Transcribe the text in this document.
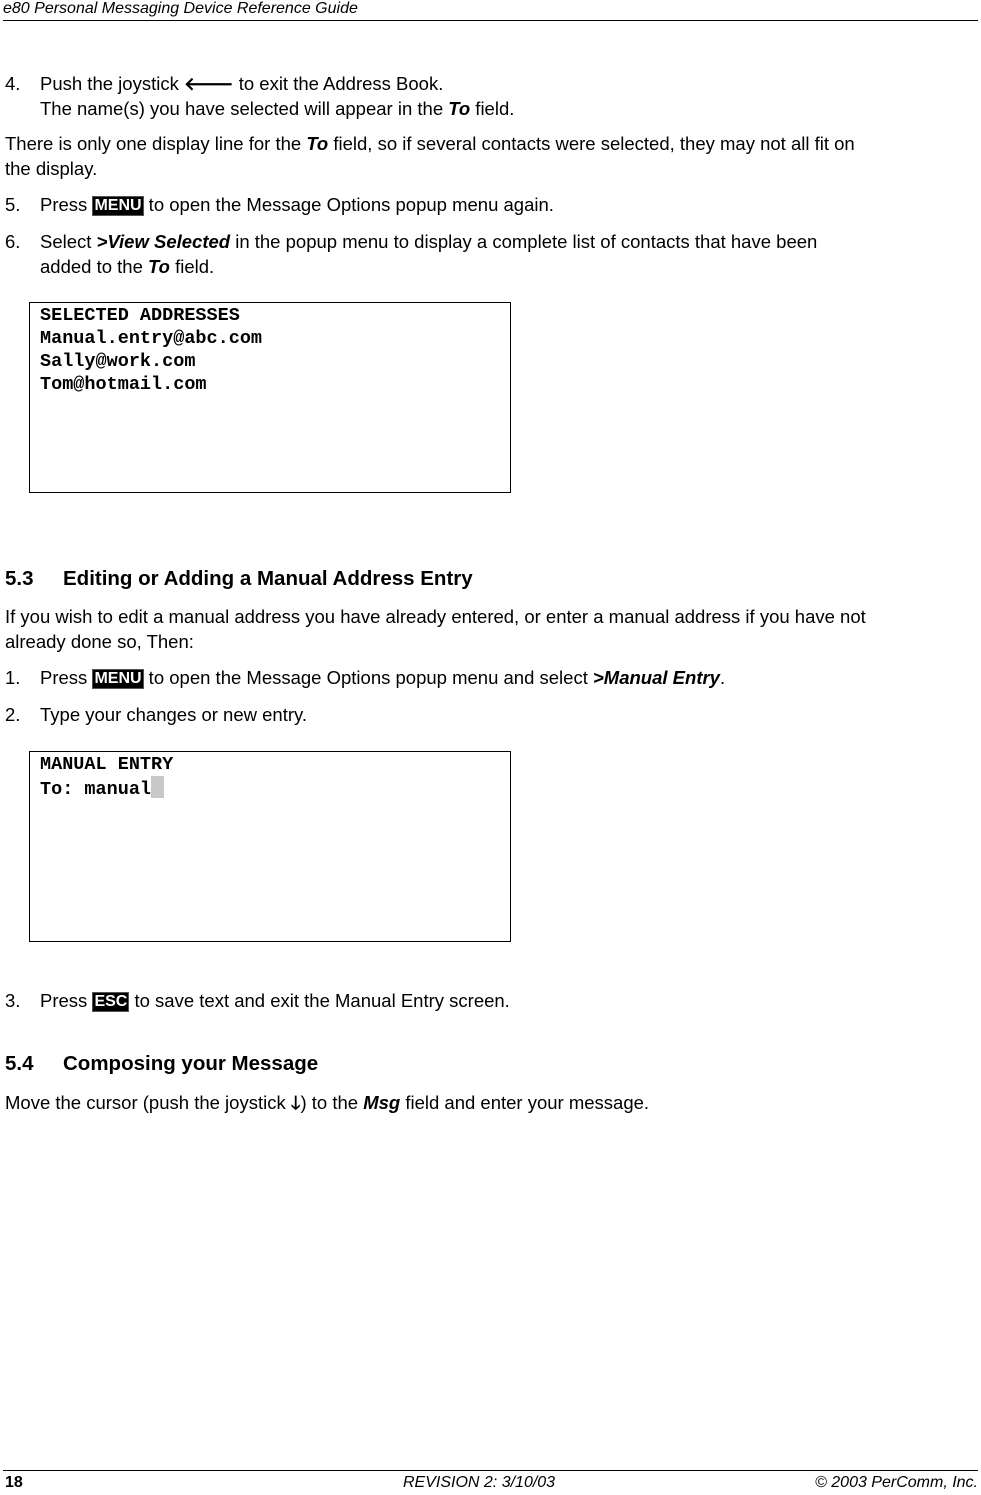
e80 Personal Messaging Device Reference Guide
4. Push the joystick 🡐 to exit the Address Book.
The name(s) you have selected will appear in the To field.
There is only one display line for the To field, so if several contacts were selected, they may not all fit on
the display.
5. Press MENU to open the Message Options popup menu again.
6. Select >View Selected in the popup menu to display a complete list of contacts that have been
added to the To field.
SELECTED ADDRESSES
Manual.entry@abc.com
Sally@work.com
Tom@hotmail.com
5.3 Editing or Adding a Manual Address Entry
If you wish to edit a manual address you have already entered, or enter a manual address if you have not
already done so, Then:
1. Press MENU to open the Message Options popup menu and select >Manual Entry.
2. Type your changes or new entry.
MANUAL ENTRY
To: manual
3. Press ESC to save text and exit the Manual Entry screen.
5.4 Composing your Message
Move the cursor (push the joystick 🡓) to the Msg field and enter your message.
18	REVISION 2: 3/10/03	© 2003 PerComm, Inc.
